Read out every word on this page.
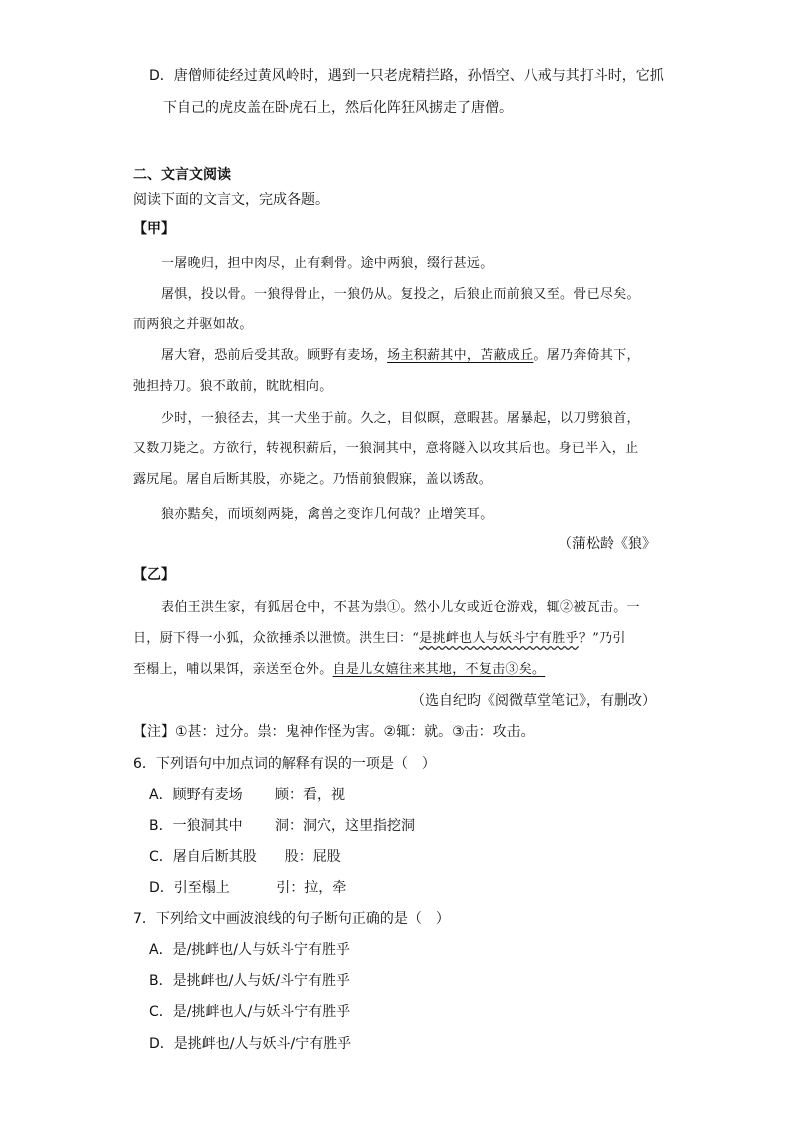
D．唐僧师徒经过黄风岭时，遇到一只老虎精拦路，孙悟空、八戒与其打斗时，它抓
下自己的虎皮盖在卧虎石上，然后化阵狂风掳走了唐僧。
二、文言文阅读
阅读下面的文言文，完成各题。
【甲】
一屠晚归，担中肉尽，止有剩骨。途中两狼，缀行甚远。
屠惧，投以骨。一狼得骨止，一狼仍从。复投之，后狼止而前狼又至。骨已尽矣。
而两狼之并驱如故。
屠大窘，恐前后受其敌。顾野有麦场，场主积薪其中，苫蔽成丘。屠乃奔倚其下，
弛担持刀。狼不敢前，眈眈相向。
少时，一狼径去，其一犬坐于前。久之，目似瞑，意暇甚。屠暴起，以刀劈狼首，
又数刀毙之。方欲行，转视积薪后，一狼洞其中，意将隧入以攻其后也。身已半入，止
露尻尾。屠自后断其股，亦毙之。乃悟前狼假寐，盖以诱敌。
狼亦黠矣，而顷刻两毙，禽兽之变诈几何哉？止增笑耳。
（蒲松龄《狼》
【乙】
表伯王洪生家，有狐居仓中，不甚为祟①。然小儿女或近仓游戏，辄②被瓦击。一
日，厨下得一小狐，众欲捶杀以泄愤。洪生曰：“是挑衅也人与妖斗宁有胜乎？”乃引
至榻上，哺以果饵，亲送至仓外。自是儿女嬉往来其地，不复击③矣。
（选自纪昀《阅微草堂笔记》，有删改）
【注】①甚：过分。祟：鬼神作怪为害。②辄：就。③击：攻击。
6．下列语句中加点词的解释有误的一项是（　）
A．顾野有麦场　　 顾：看，视
B．一狼洞其中　　 洞：洞穴，这里指挖洞
C．屠自后断其股　　股：屁股
D．引至榻上　　　 引：拉，牵
7．下列给文中画波浪线的句子断句正确的是（　）
A．是/挑衅也/人与妖斗宁有胜乎
B．是挑衅也/人与妖/斗宁有胜乎
C．是/挑衅也人/与妖斗宁有胜乎
D．是挑衅也/人与妖斗/宁有胜乎
